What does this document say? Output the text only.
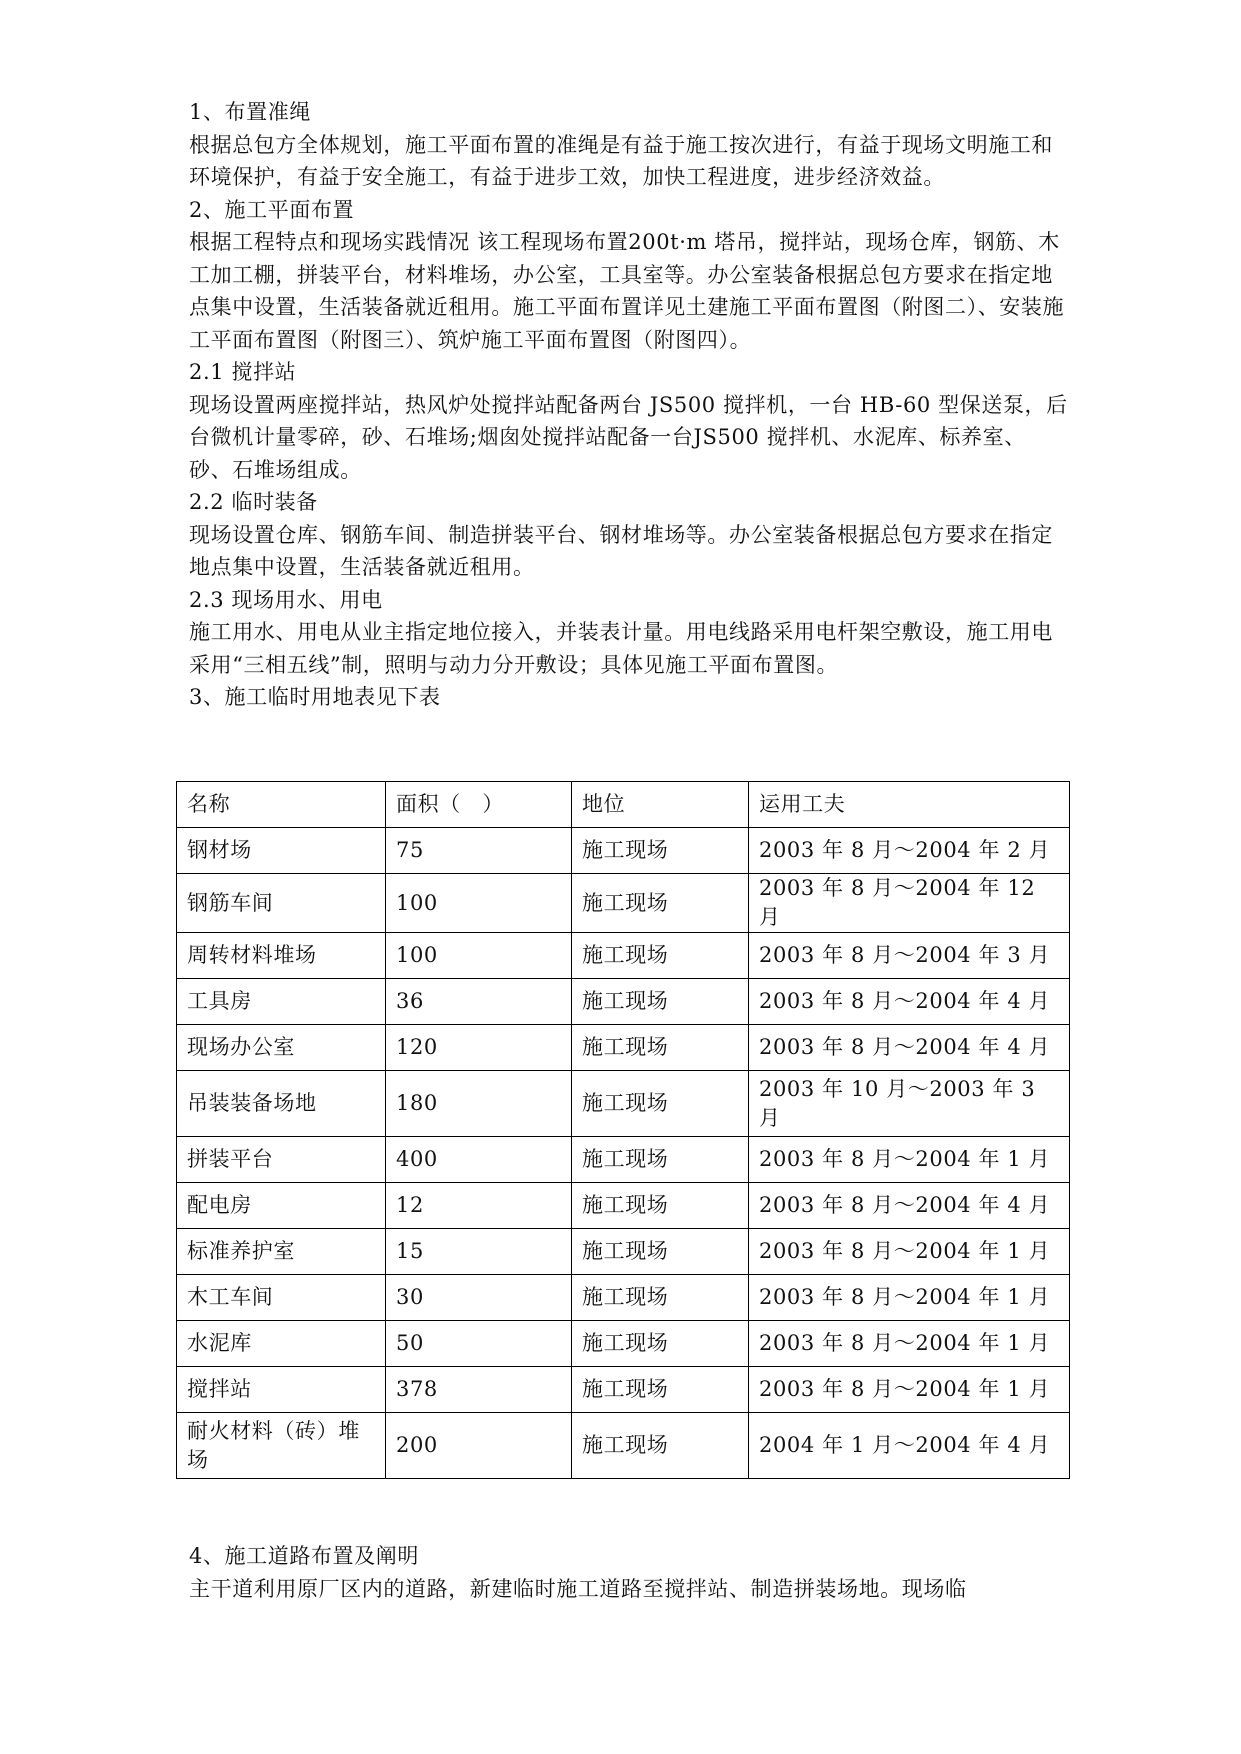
1、布置准绳

根据总包方全体规划，施工平面布置的准绳是有益于施工按次进行，有益于现场文明施工和环境保护，有益于安全施工，有益于进步工效，加快工程进度，进步经济效益。

2、施工平面布置

根据工程特点和现场实践情况 该工程现场布置200t·m 塔吊，搅拌站，现场仓库，钢筋、木工加工棚，拼装平台，材料堆场，办公室，工具室等。办公室装备根据总包方要求在指定地点集中设置，生活装备就近租用。施工平面布置详见土建施工平面布置图（附图二）、安装施工平面布置图（附图三）、筑炉施工平面布置图（附图四）。

2.1 搅拌站

现场设置两座搅拌站，热风炉处搅拌站配备两台 JS500 搅拌机，一台 HB-60 型保送泵，后台微机计量零碎，砂、石堆场;烟囱处搅拌站配备一台JS500 搅拌机、水泥库、标养室、砂、石堆场组成。

2.2 临时装备

现场设置仓库、钢筋车间、制造拼装平台、钢材堆场等。办公室装备根据总包方要求在指定地点集中设置，生活装备就近租用。

2.3 现场用水、用电

施工用水、用电从业主指定地位接入，并装表计量。用电线路采用电杆架空敷设，施工用电采用“三相五线”制，照明与动力分开敷设；具体见施工平面布置图。

3、施工临时用地表见下表

名称	面积（　）	地位	运用工夫
钢材场	75	施工现场	2003 年 8 月～2004 年 2 月
钢筋车间	100	施工现场	2003 年 8 月～2004 年 12 月
周转材料堆场	100	施工现场	2003 年 8 月～2004 年 3 月
工具房	36	施工现场	2003 年 8 月～2004 年 4 月
现场办公室	120	施工现场	2003 年 8 月～2004 年 4 月
吊装装备场地	180	施工现场	2003 年 10 月～2003 年 3 月
拼装平台	400	施工现场	2003 年 8 月～2004 年 1 月
配电房	12	施工现场	2003 年 8 月～2004 年 4 月
标准养护室	15	施工现场	2003 年 8 月～2004 年 1 月
木工车间	30	施工现场	2003 年 8 月～2004 年 1 月
水泥库	50	施工现场	2003 年 8 月～2004 年 1 月
搅拌站	378	施工现场	2003 年 8 月～2004 年 1 月
耐火材料（砖）堆场	200	施工现场	2004 年 1 月～2004 年 4 月

4、施工道路布置及阐明

主干道利用原厂区内的道路，新建临时施工道路至搅拌站、制造拼装场地。现场临
